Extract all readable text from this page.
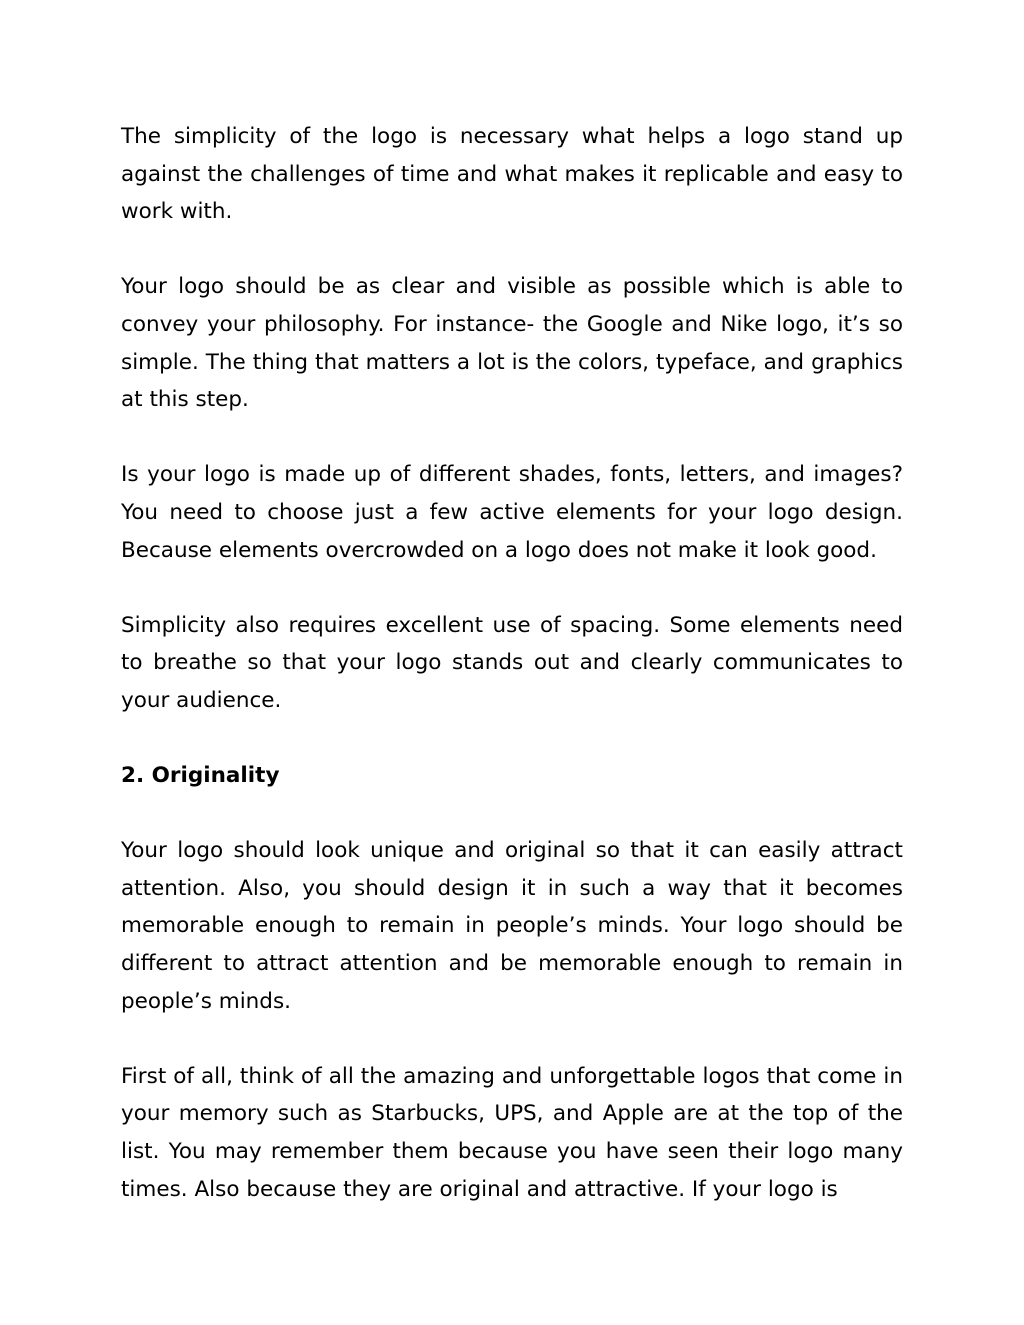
The simplicity of the logo is necessary what helps a logo stand up against the challenges of time and what makes it replicable and easy to work with.

Your logo should be as clear and visible as possible which is able to convey your philosophy. For instance- the Google and Nike logo, it’s so simple. The thing that matters a lot is the colors, typeface, and graphics at this step.

Is your logo is made up of different shades, fonts, letters, and images? You need to choose just a few active elements for your logo design. Because elements overcrowded on a logo does not make it look good.

Simplicity also requires excellent use of spacing. Some elements need to breathe so that your logo stands out and clearly communicates to your audience.

2. Originality

Your logo should look unique and original so that it can easily attract attention. Also, you should design it in such a way that it becomes memorable enough to remain in people’s minds. Your logo should be different to attract attention and be memorable enough to remain in people’s minds.

First of all, think of all the amazing and unforgettable logos that come in your memory such as Starbucks, UPS, and Apple are at the top of the list. You may remember them because you have seen their logo many times. Also because they are original and attractive. If your logo is
